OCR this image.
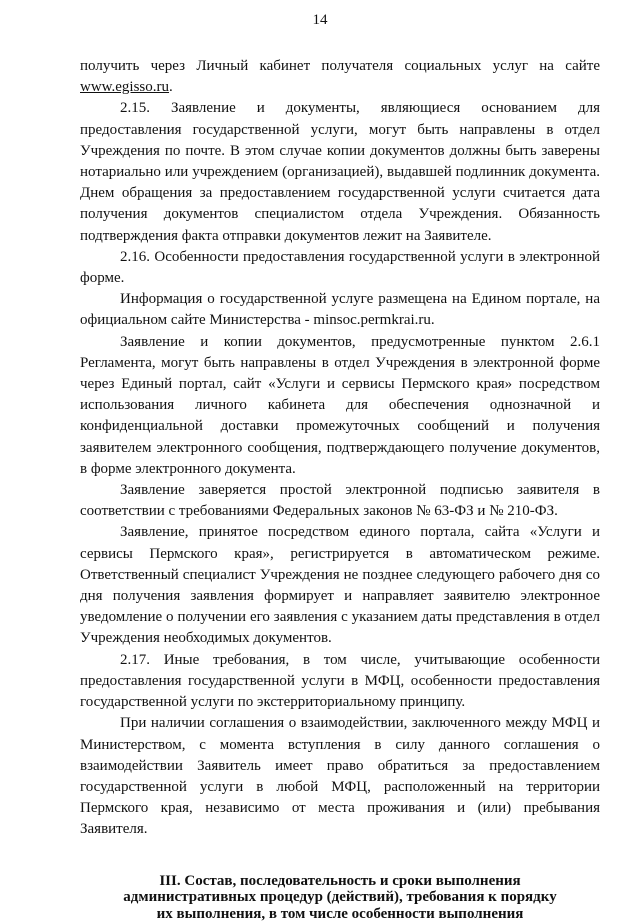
14

получить через Личный кабинет получателя социальных услуг на сайте www.egisso.ru.

2.15. Заявление и документы, являющиеся основанием для предоставления государственной услуги, могут быть направлены в отдел Учреждения по почте. В этом случае копии документов должны быть заверены нотариально или учреждением (организацией), выдавшей подлинник документа. Днем обращения за предоставлением государственной услуги считается дата получения документов специалистом отдела Учреждения. Обязанность подтверждения факта отправки документов лежит на Заявителе.

2.16. Особенности предоставления государственной услуги в электронной форме.

Информация о государственной услуге размещена на Едином портале, на официальном сайте Министерства - minsoc.permkrai.ru.

Заявление и копии документов, предусмотренные пунктом 2.6.1 Регламента, могут быть направлены в отдел Учреждения в электронной форме через Единый портал, сайт «Услуги и сервисы Пермского края» посредством использования личного кабинета для обеспечения однозначной и конфиденциальной доставки промежуточных сообщений и получения заявителем электронного сообщения, подтверждающего получение документов, в форме электронного документа.

Заявление заверяется простой электронной подписью заявителя в соответствии с требованиями Федеральных законов № 63-ФЗ и № 210-ФЗ.

Заявление, принятое посредством единого портала, сайта «Услуги и сервисы Пермского края», регистрируется в автоматическом режиме. Ответственный специалист Учреждения не позднее следующего рабочего дня со дня получения заявления формирует и направляет заявителю электронное уведомление о получении его заявления с указанием даты представления в отдел Учреждения необходимых документов.

2.17. Иные требования, в том числе, учитывающие особенности предоставления государственной услуги в МФЦ, особенности предоставления государственной услуги по экстерриториальному принципу.

При наличии соглашения о взаимодействии, заключенного между МФЦ и Министерством, с момента вступления в силу данного соглашения о взаимодействии Заявитель имеет право обратиться за предоставлением государственной услуги в любой МФЦ, расположенный на территории Пермского края, независимо от места проживания и (или) пребывания Заявителя.

III. Состав, последовательность и сроки выполнения
административных процедур (действий), требования к порядку
их выполнения, в том числе особенности выполнения
